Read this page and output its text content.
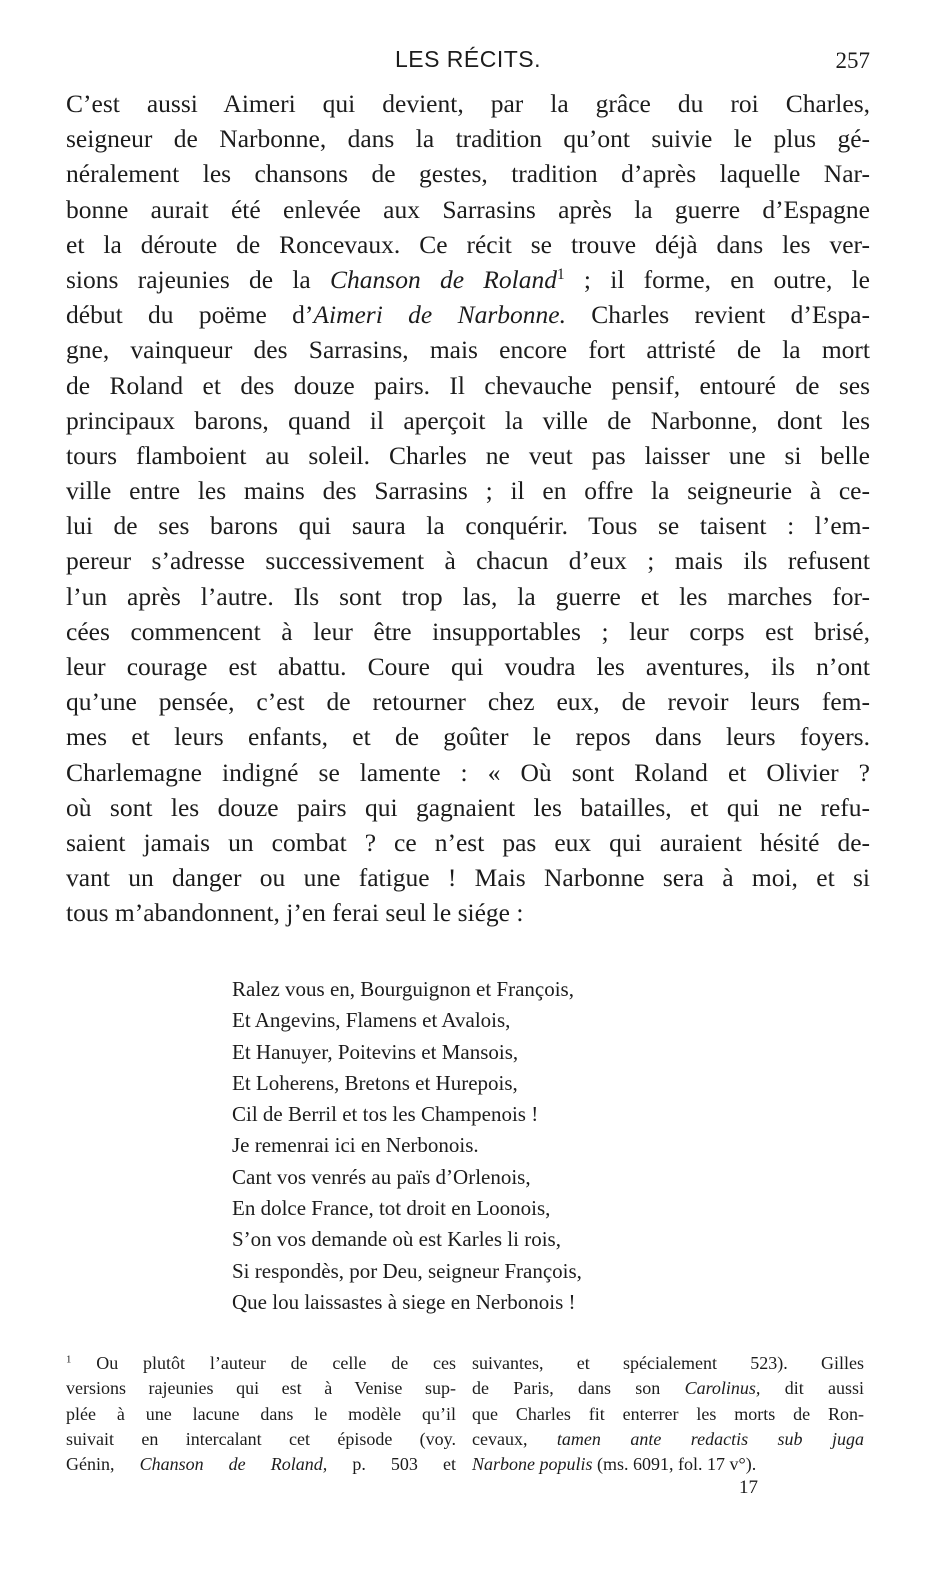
LES RÉCITS.	257
C’est aussi Aimeri qui devient, par la grâce du roi Charles,
seigneur de Narbonne, dans la tradition qu’ont suivie le plus gé-
néralement les chansons de gestes, tradition d’après laquelle Nar-
bonne aurait été enlevée aux Sarrasins après la guerre d’Espagne
et la déroute de Roncevaux. Ce récit se trouve déjà dans les ver-
sions rajeunies de la Chanson de Roland$^1$ ; il forme, en outre, le
début du poëme d’Aimeri de Narbonne. Charles revient d’Espa-
gne, vainqueur des Sarrasins, mais encore fort attristé de la mort
de Roland et des douze pairs. Il chevauche pensif, entouré de ses
principaux barons, quand il aperçoit la ville de Narbonne, dont les
tours flamboient au soleil. Charles ne veut pas laisser une si belle
ville entre les mains des Sarrasins ; il en offre la seigneurie à ce-
lui de ses barons qui saura la conquérir. Tous se taisent : l’em-
pereur s’adresse successivement à chacun d’eux ; mais ils refusent
l’un après l’autre. Ils sont trop las, la guerre et les marches for-
cées commencent à leur être insupportables ; leur corps est brisé,
leur courage est abattu. Coure qui voudra les aventures, ils n’ont
qu’une pensée, c’est de retourner chez eux, de revoir leurs fem-
mes et leurs enfants, et de goûter le repos dans leurs foyers.
Charlemagne indigné se lamente : « Où sont Roland et Olivier ?
où sont les douze pairs qui gagnaient les batailles, et qui ne refu-
saient jamais un combat ? ce n’est pas eux qui auraient hésité de-
vant un danger ou une fatigue ! Mais Narbonne sera à moi, et si
tous m’abandonnent, j’en ferai seul le siége :
Ralez vous en, Bourguignon et François,
Et Angevins, Flamens et Avalois,
Et Hanuyer, Poitevins et Mansois,
Et Loherens, Bretons et Hurepois,
Cil de Berril et tos les Champenois !
Je remenrai ici en Nerbonois.
Cant vos venrés au païs d’Orlenois,
En dolce France, tot droit en Loonois,
S’on vos demande où est Karles li rois,
Si respondès, por Deu, seigneur François,
Que lou laissastes à siege en Nerbonois !
$^1$ Ou plutôt l’auteur de celle de ces
versions rajeunies qui est à Venise sup-
plée à une lacune dans le modèle qu’il
suivait en intercalant cet épisode (voy.
Génin, Chanson de Roland, p. 503 et
suivantes, et spécialement 523). Gilles
de Paris, dans son Carolinus, dit aussi
que Charles fit enterrer les morts de Ron-
cevaux, tamen ante redactis sub juga
Narbone populis (ms. 6091, fol. 17 v°).
17
